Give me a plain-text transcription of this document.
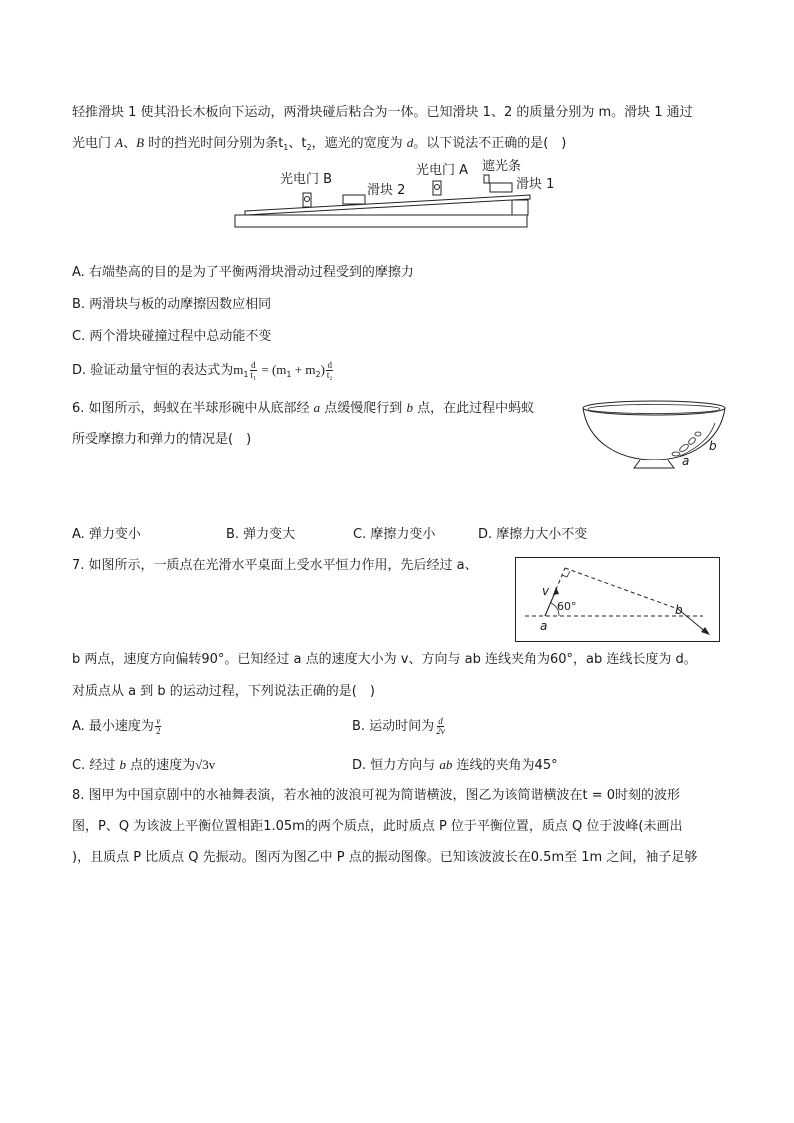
轻推滑块 1 使其沿长木板向下运动，两滑块碰后粘合为一体。已知滑块 1、2 的质量分别为 m。滑块 1 通过
光电门 A、B 时的挡光时间分别为条$t_1$、$t_2$，遮光的宽度为 d。以下说法不正确的是(　)
光电门 B
滑块 2
光电门 A 遮光条
滑块 1
A. 右端垫高的目的是为了平衡两滑块滑动过程受到的摩擦力
B. 两滑块与板的动摩擦因数应相同
C. 两个滑块碰撞过程中总动能不变
D. 验证动量守恒的表达式为$m_1 \frac{d}{\text{t₁}} = (m_1 + m_2) \frac{d}{\text{t₂}}$
6. 如图所示，蚂蚁在半球形碗中从底部经 a 点缓慢爬行到 b 点，在此过程中蚂蚁
所受摩擦力和弹力的情况是(　)
a
b
A. 弹力变小	B. 弹力变大	C. 摩擦力变小	D. 摩擦力大小不变
7. 如图所示，一质点在光滑水平桌面上受水平恒力作用，先后经过 a、
v
60°
a
b
b 两点，速度方向偏转90°。已知经过 a 点的速度大小为 v、方向与 ab 连线夹角为60°，ab 连线长度为 d。
对质点从 a 到 b 的运动过程，下列说法正确的是(　)
A. 最小速度为 $\frac{v}{2}$	B. 运动时间为 $\frac{d}{2v}$
C. 经过 b 点的速度为√3v	D. 恒力方向与 ab 连线的夹角为45°
8. 图甲为中国京剧中的水袖舞表演，若水袖的波浪可视为简谐横波，图乙为该简谐横波在t = 0时刻的波形
图，P、Q 为该波上平衡位置相距1.05m的两个质点，此时质点 P 位于平衡位置，质点 Q 位于波峰(未画出
)，且质点 P 比质点 Q 先振动。图丙为图乙中 P 点的振动图像。已知该波波长在0.5m至 1m 之间，袖子足够
